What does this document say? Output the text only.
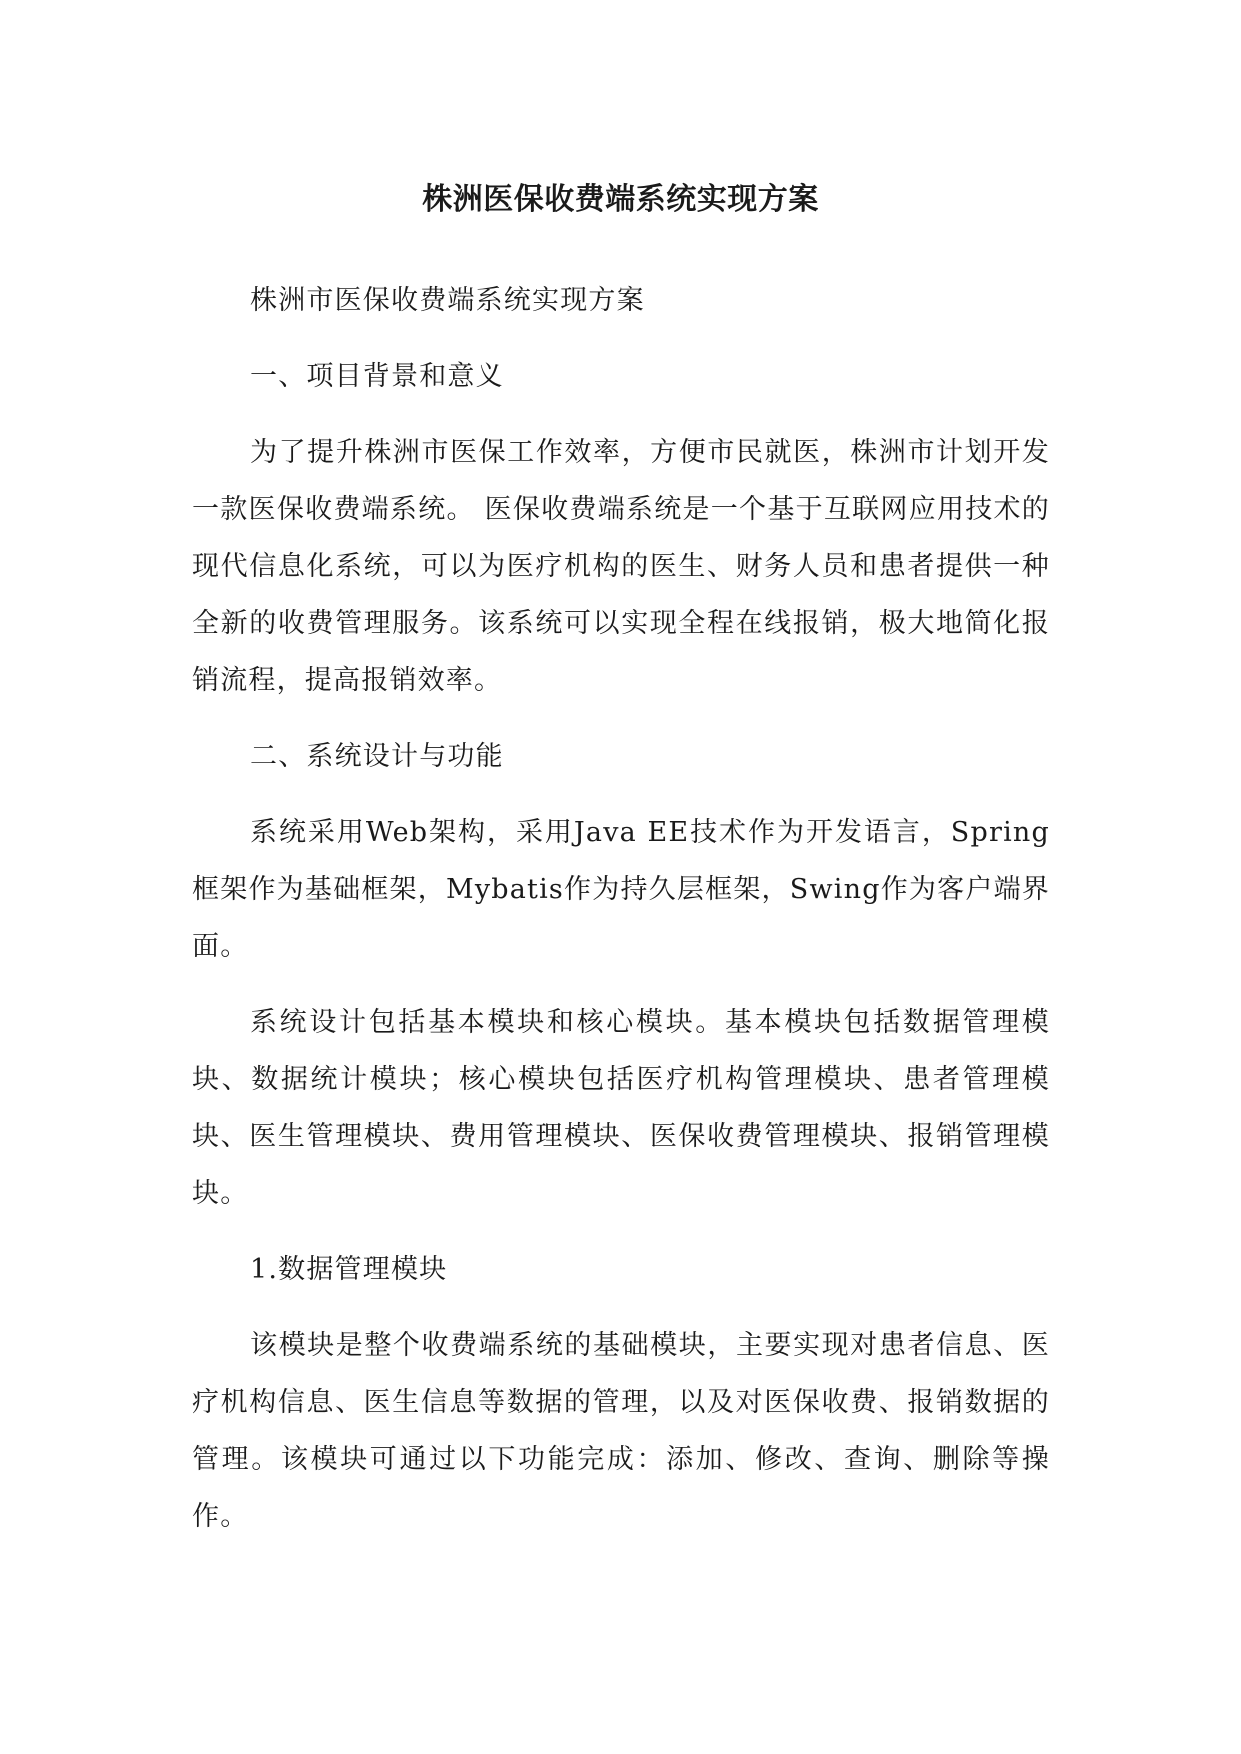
株洲医保收费端系统实现方案

株洲市医保收费端系统实现方案

一、项目背景和意义

为了提升株洲市医保工作效率，方便市民就医，株洲市计划开发一款医保收费端系统。 医保收费端系统是一个基于互联网应用技术的现代信息化系统，可以为医疗机构的医生、财务人员和患者提供一种全新的收费管理服务。该系统可以实现全程在线报销，极大地简化报销流程，提高报销效率。

二、系统设计与功能

系统采用Web架构，采用Java EE技术作为开发语言，Spring框架作为基础框架，Mybatis作为持久层框架，Swing作为客户端界面。

系统设计包括基本模块和核心模块。基本模块包括数据管理模块、数据统计模块；核心模块包括医疗机构管理模块、患者管理模块、医生管理模块、费用管理模块、医保收费管理模块、报销管理模块。

1.数据管理模块

该模块是整个收费端系统的基础模块，主要实现对患者信息、医疗机构信息、医生信息等数据的管理，以及对医保收费、报销数据的管理。该模块可通过以下功能完成：添加、修改、查询、删除等操作。
